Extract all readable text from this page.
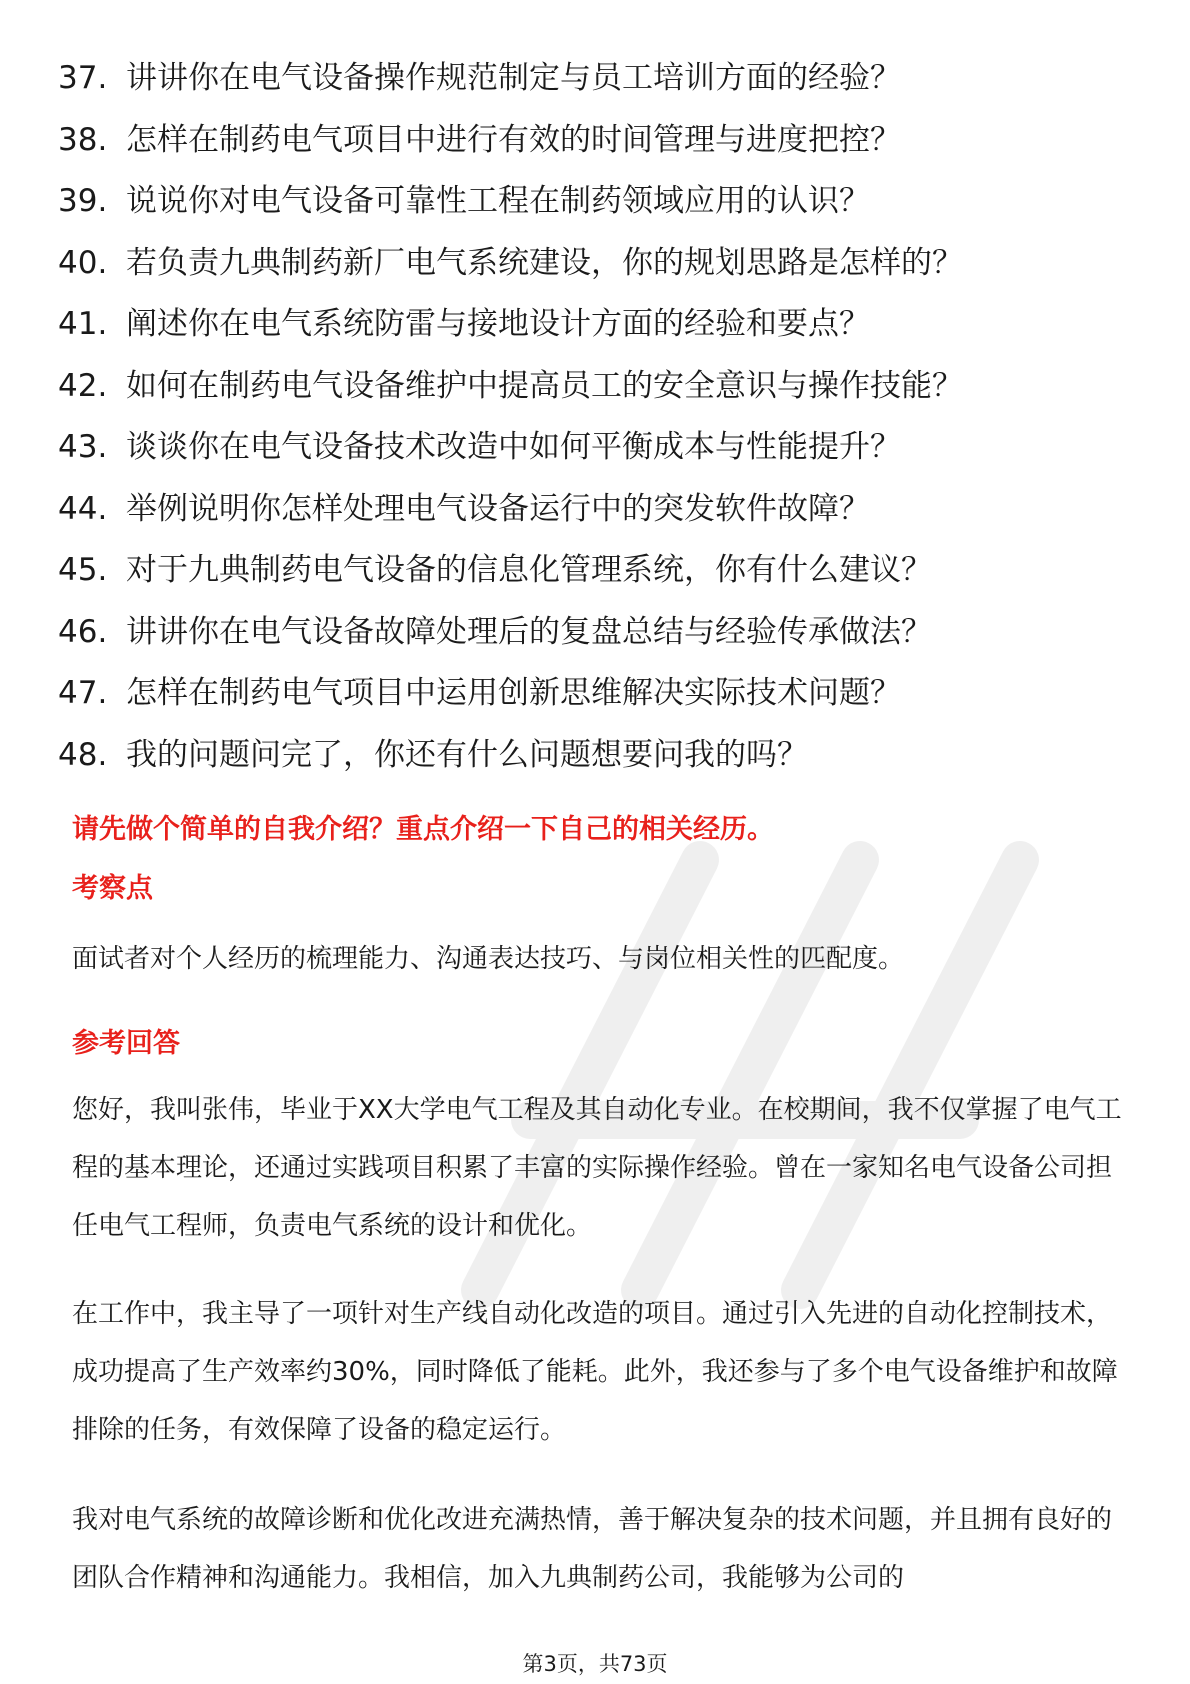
37. 讲讲你在电气设备操作规范制定与员工培训方面的经验？
38. 怎样在制药电气项目中进行有效的时间管理与进度把控？
39. 说说你对电气设备可靠性工程在制药领域应用的认识？
40. 若负责九典制药新厂电气系统建设，你的规划思路是怎样的？
41. 阐述你在电气系统防雷与接地设计方面的经验和要点？
42. 如何在制药电气设备维护中提高员工的安全意识与操作技能？
43. 谈谈你在电气设备技术改造中如何平衡成本与性能提升？
44. 举例说明你怎样处理电气设备运行中的突发软件故障？
45. 对于九典制药电气设备的信息化管理系统，你有什么建议？
46. 讲讲你在电气设备故障处理后的复盘总结与经验传承做法？
47. 怎样在制药电气项目中运用创新思维解决实际技术问题？
48. 我的问题问完了，你还有什么问题想要问我的吗？
请先做个简单的自我介绍？重点介绍一下自己的相关经历。
考察点

面试者对个人经历的梳理能力、沟通表达技巧、与岗位相关性的匹配度。

参考回答

您好，我叫张伟，毕业于XX大学电气工程及其自动化专业。在校期间，我不仅掌握了电气工程的基本理论，还通过实践项目积累了丰富的实际操作经验。曾在一家知名电气设备公司担任电气工程师，负责电气系统的设计和优化。

在工作中，我主导了一项针对生产线自动化改造的项目。通过引入先进的自动化控制技术，成功提高了生产效率约30%，同时降低了能耗。此外，我还参与了多个电气设备维护和故障排除的任务，有效保障了设备的稳定运行。

我对电气系统的故障诊断和优化改进充满热情，善于解决复杂的技术问题，并且拥有良好的团队合作精神和沟通能力。我相信，加入九典制药公司，我能够为公司的

第3页，共73页
